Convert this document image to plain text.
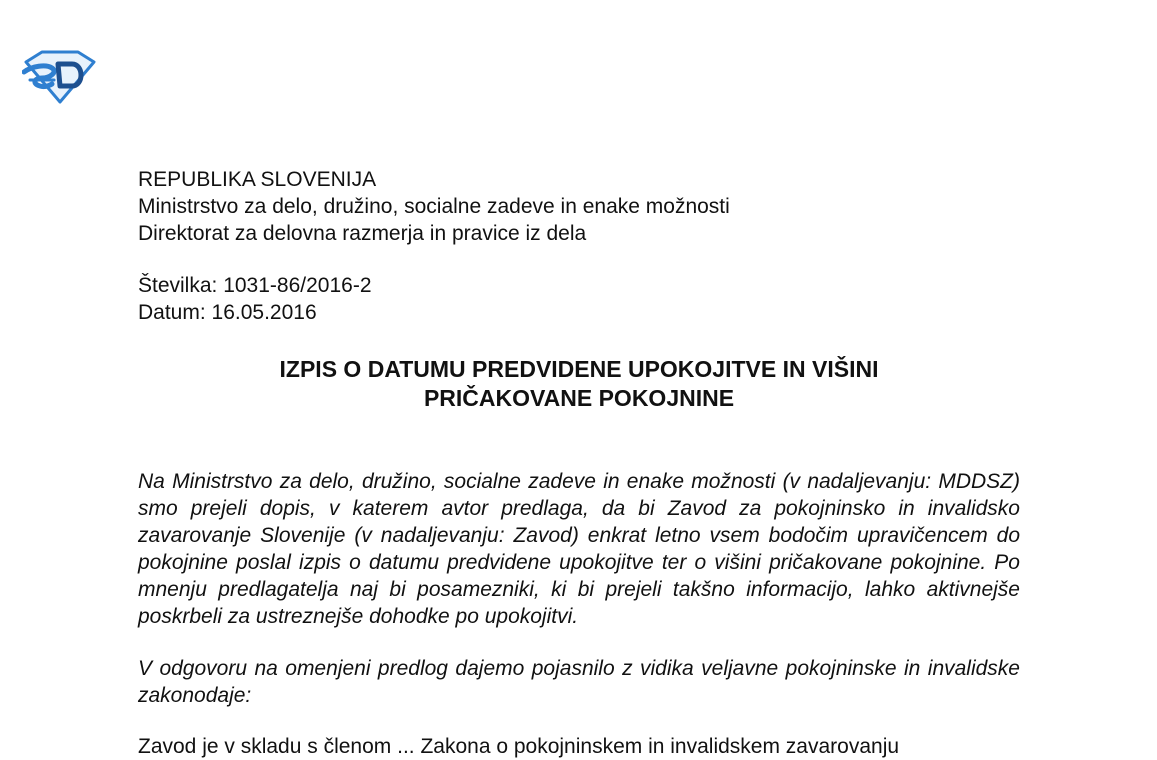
REPUBLIKA SLOVENIJA
Ministrstvo za delo, družino, socialne zadeve in enake možnosti
Direktorat za delovna razmerja in pravice iz dela
Številka: 1031-86/2016-2
Datum: 16.05.2016
IZPIS O DATUMU PREDVIDENE UPOKOJITVE IN VIŠINI
PRIČAKOVANE POKOJNINE
Na Ministrstvo za delo, družino, socialne zadeve in enake možnosti (v nadaljevanju: MDDSZ) smo prejeli dopis, v katerem avtor predlaga, da bi Zavod za pokojninsko in invalidsko zavarovanje Slovenije (v nadaljevanju: Zavod) enkrat letno vsem bodočim upravičencem do pokojnine poslal izpis o datumu predvidene upokojitve ter o višini pričakovane pokojnine. Po mnenju predlagatelja naj bi posamezniki, ki bi prejeli takšno informacijo, lahko aktivnejše poskrbeli za ustreznejše dohodke po upokojitvi.
V odgovoru na omenjeni predlog dajemo pojasnilo z vidika veljavne pokojninske in invalidske zakonodaje:
Zavod je v skladu s členom ... Zakona o pokojninskem in invalidskem zavarovanju
